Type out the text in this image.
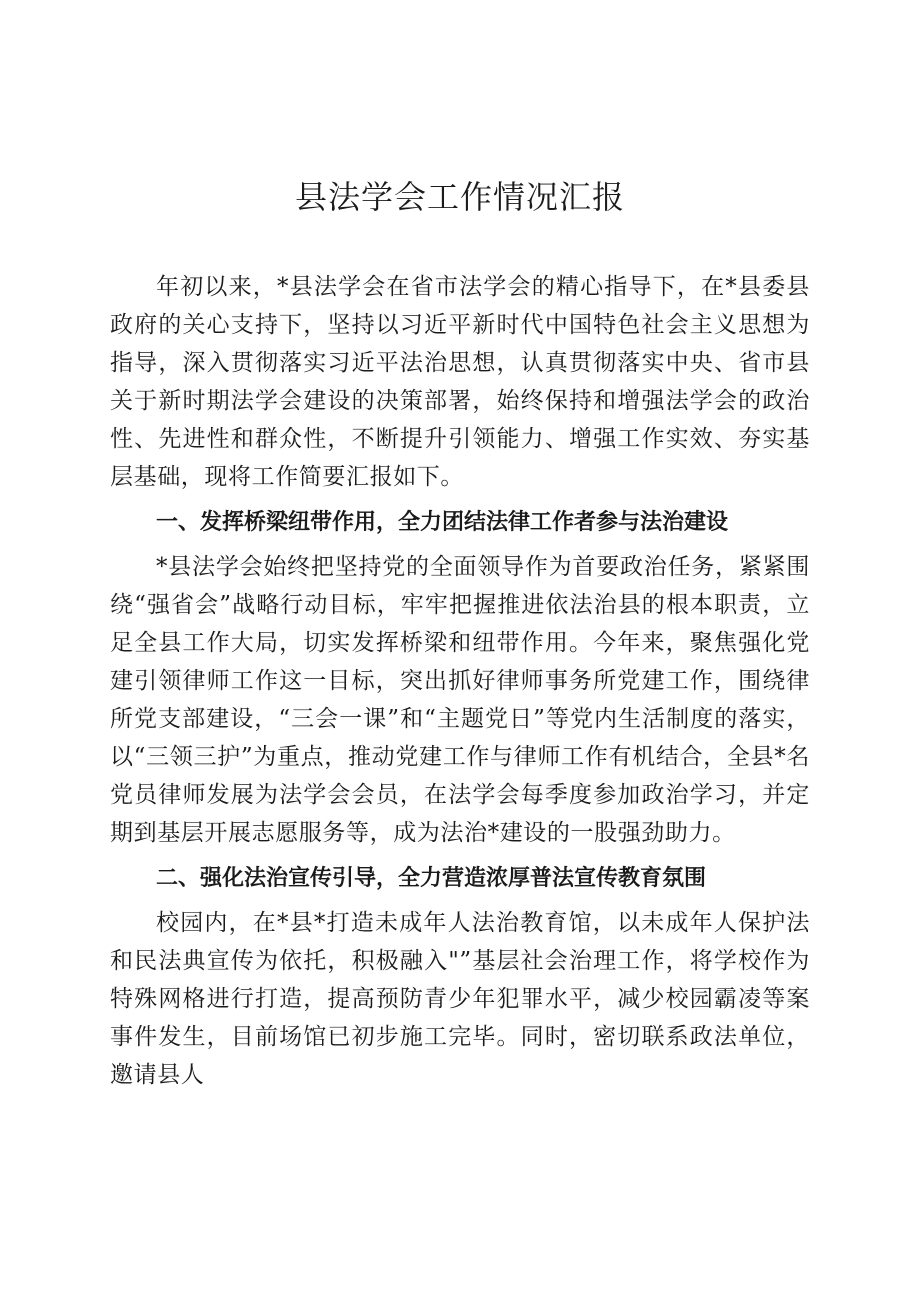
县法学会工作情况汇报

年初以来，*县法学会在省市法学会的精心指导下，在*县委县政府的关心支持下，坚持以习近平新时代中国特色社会主义思想为指导，深入贯彻落实习近平法治思想，认真贯彻落实中央、省市县关于新时期法学会建设的决策部署，始终保持和增强法学会的政治性、先进性和群众性，不断提升引领能力、增强工作实效、夯实基层基础，现将工作简要汇报如下。

一、发挥桥梁纽带作用，全力团结法律工作者参与法治建设

*县法学会始终把坚持党的全面领导作为首要政治任务，紧紧围绕“强省会”战略行动目标，牢牢把握推进依法治县的根本职责，立足全县工作大局，切实发挥桥梁和纽带作用。今年来，聚焦强化党建引领律师工作这一目标，突出抓好律师事务所党建工作，围绕律所党支部建设，“三会一课”和“主题党日”等党内生活制度的落实，以“三领三护”为重点，推动党建工作与律师工作有机结合，全县*名党员律师发展为法学会会员，在法学会每季度参加政治学习，并定期到基层开展志愿服务等，成为法治*建设的一股强劲助力。

二、强化法治宣传引导，全力营造浓厚普法宣传教育氛围

校园内，在*县*打造未成年人法治教育馆，以未成年人保护法和民法典宣传为依托，积极融入"”基层社会治理工作，将学校作为特殊网格进行打造，提高预防青少年犯罪水平，减少校园霸凌等案事件发生，目前场馆已初步施工完毕。同时，密切联系政法单位，邀请县人
